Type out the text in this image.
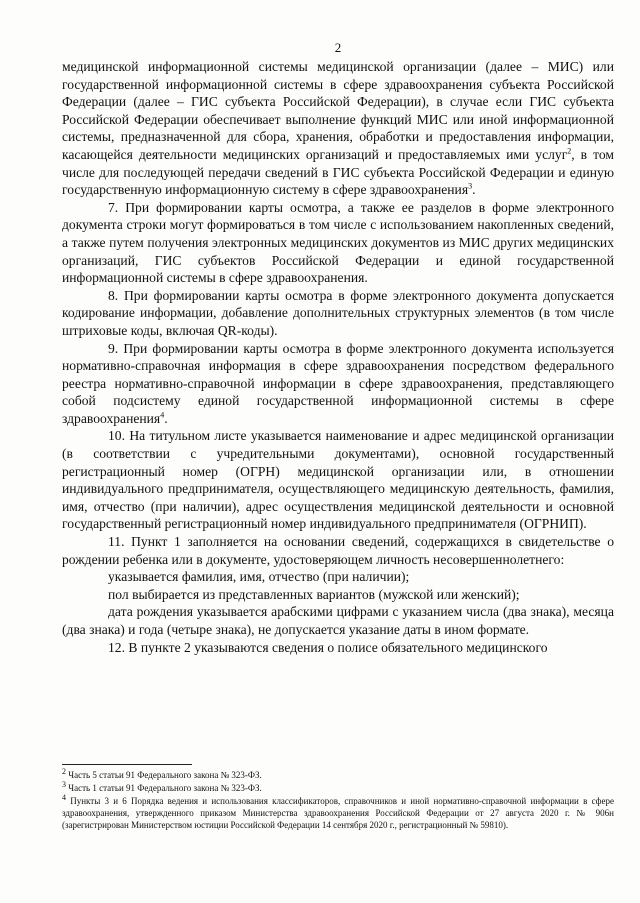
2

медицинской информационной системы медицинской организации (далее – МИС) или государственной информационной системы в сфере здравоохранения субъекта Российской Федерации (далее – ГИС субъекта Российской Федерации), в случае если ГИС субъекта Российской Федерации обеспечивает выполнение функций МИС или иной информационной системы, предназначенной для сбора, хранения, обработки и предоставления информации, касающейся деятельности медицинских организаций и предоставляемых ими услуг$^2$, в том числе для последующей передачи сведений в ГИС субъекта Российской Федерации и единую государственную информационную систему в сфере здравоохранения$^3$.

7. При формировании карты осмотра, а также ее разделов в форме электронного документа строки могут формироваться в том числе с использованием накопленных сведений, а также путем получения электронных медицинских документов из МИС других медицинских организаций, ГИС субъектов Российской Федерации и единой государственной информационной системы в сфере здравоохранения.

8. При формировании карты осмотра в форме электронного документа допускается кодирование информации, добавление дополнительных структурных элементов (в том числе штриховые коды, включая QR-коды).

9. При формировании карты осмотра в форме электронного документа используется нормативно-справочная информация в сфере здравоохранения посредством федерального реестра нормативно-справочной информации в сфере здравоохранения, представляющего собой подсистему единой государственной информационной системы в сфере здравоохранения$^4$.

10. На титульном листе указывается наименование и адрес медицинской организации (в соответствии с учредительными документами), основной государственный регистрационный номер (ОГРН) медицинской организации или, в отношении индивидуального предпринимателя, осуществляющего медицинскую деятельность, фамилия, имя, отчество (при наличии), адрес осуществления медицинской деятельности и основной государственный регистрационный номер индивидуального предпринимателя (ОГРНИП).

11. Пункт 1 заполняется на основании сведений, содержащихся в свидетельстве о рождении ребенка или в документе, удостоверяющем личность несовершеннолетнего:

указывается фамилия, имя, отчество (при наличии);

пол выбирается из представленных вариантов (мужской или женский);

дата рождения указывается арабскими цифрами с указанием числа (два знака), месяца (два знака) и года (четыре знака), не допускается указание даты в ином формате.

12. В пункте 2 указываются сведения о полисе обязательного медицинского

$^2$ Часть 5 статьи 91 Федерального закона № 323-ФЗ.

$^3$ Часть 1 статьи 91 Федерального закона № 323-ФЗ.

$^4$ Пункты 3 и 6 Порядка ведения и использования классификаторов, справочников и иной нормативно-справочной информации в сфере здравоохранения, утвержденного приказом Министерства здравоохранения Российской Федерации от 27 августа 2020 г. № 906н (зарегистрирован Министерством юстиции Российской Федерации 14 сентября 2020 г., регистрационный № 59810).
